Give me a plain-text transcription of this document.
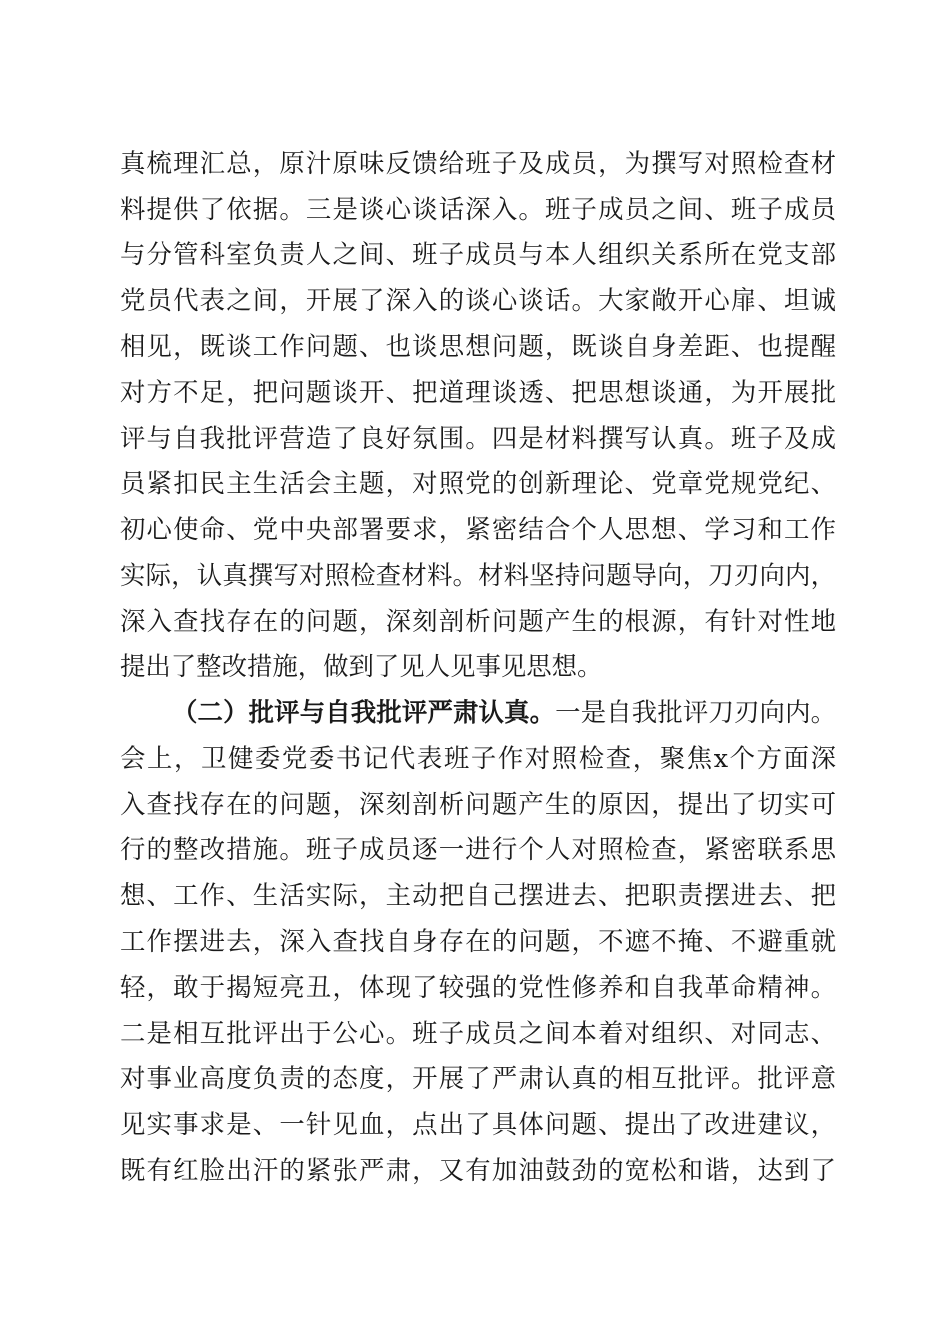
真梳理汇总，原汁原味反馈给班子及成员，为撰写对照检查材
料提供了依据。三是谈心谈话深入。班子成员之间、班子成员
与分管科室负责人之间、班子成员与本人组织关系所在党支部
党员代表之间，开展了深入的谈心谈话。大家敞开心扉、坦诚
相见，既谈工作问题、也谈思想问题，既谈自身差距、也提醒
对方不足，把问题谈开、把道理谈透、把思想谈通，为开展批
评与自我批评营造了良好氛围。四是材料撰写认真。班子及成
员紧扣民主生活会主题，对照党的创新理论、党章党规党纪、
初心使命、党中央部署要求，紧密结合个人思想、学习和工作
实际，认真撰写对照检查材料。材料坚持问题导向，刀刃向内，
深入查找存在的问题，深刻剖析问题产生的根源，有针对性地
提出了整改措施，做到了见人见事见思想。
（二）批评与自我批评严肃认真。一是自我批评刀刃向内。
会上，卫健委党委书记代表班子作对照检查，聚焦x个方面深
入查找存在的问题，深刻剖析问题产生的原因，提出了切实可
行的整改措施。班子成员逐一进行个人对照检查，紧密联系思
想、工作、生活实际，主动把自己摆进去、把职责摆进去、把
工作摆进去，深入查找自身存在的问题，不遮不掩、不避重就
轻，敢于揭短亮丑，体现了较强的党性修养和自我革命精神。
二是相互批评出于公心。班子成员之间本着对组织、对同志、
对事业高度负责的态度，开展了严肃认真的相互批评。批评意
见实事求是、一针见血，点出了具体问题、提出了改进建议，
既有红脸出汗的紧张严肃，又有加油鼓劲的宽松和谐，达到了
